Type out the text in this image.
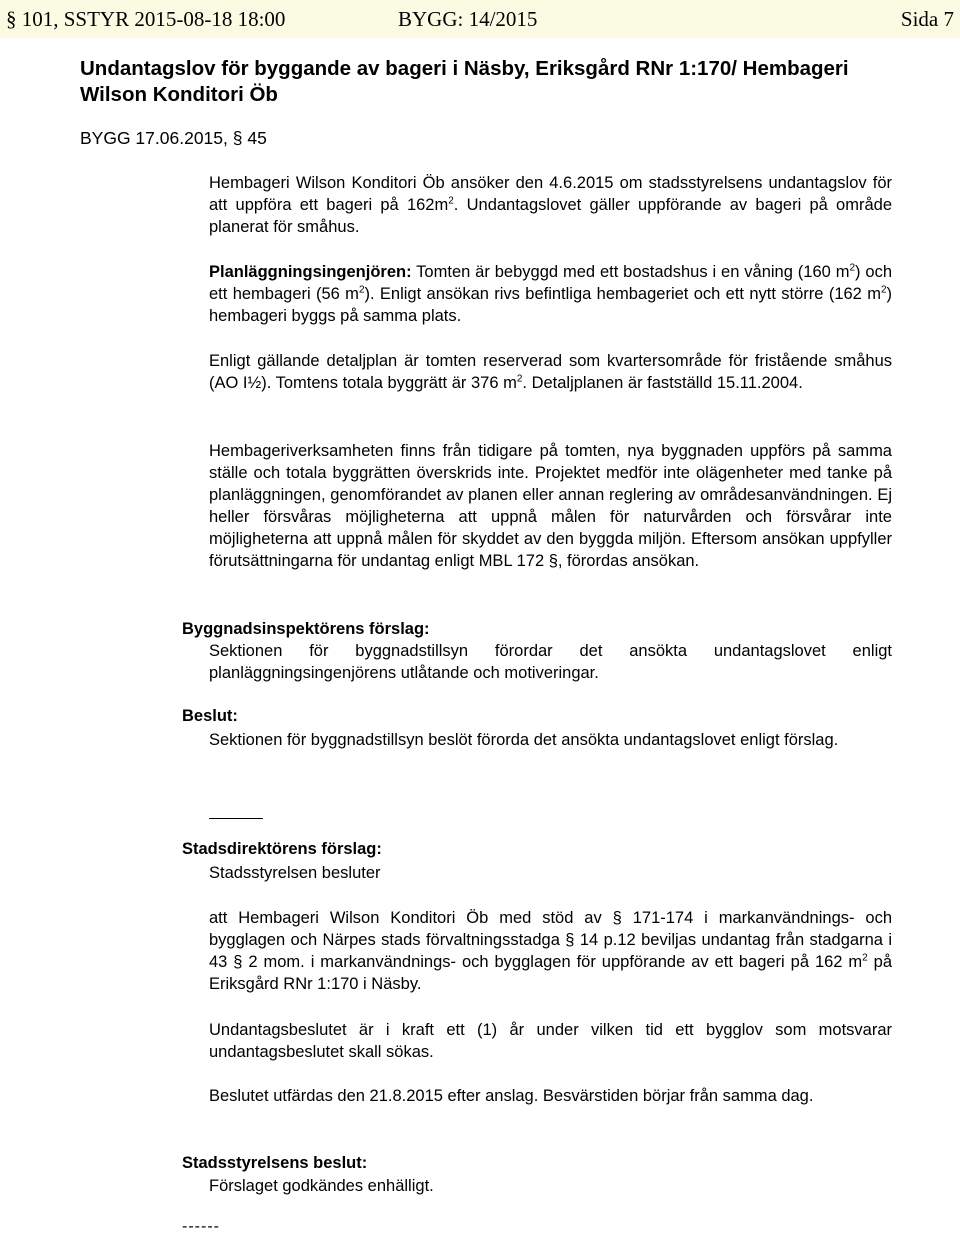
§ 101, SSTYR 2015-08-18 18:00	BYGG: 14/2015	Sida 7
Undantagslov för byggande av bageri i Näsby, Eriksgård RNr 1:170/ Hembageri Wilson Konditori Öb
BYGG 17.06.2015, § 45

Hembageri Wilson Konditori Öb ansöker den 4.6.2015 om stadsstyrelsens undantagslov för att uppföra ett bageri på $162m^2$. Undantagslovet gäller uppförande av bageri på område planerat för småhus.

Planläggningsingenjören: Tomten är bebyggd med ett bostadshus i en våning (160 $m^2$) och ett hembageri (56 $m^2$). Enligt ansökan rivs befintliga hembageriet och ett nytt större (162 $m^2$) hembageri byggs på samma plats.

Enligt gällande detaljplan är tomten reserverad som kvartersområde för fristående småhus (AO I½). Tomtens totala byggrätt är 376 $m^2$. Detaljplanen är fastställd 15.11.2004.

Hembageriverksamheten finns från tidigare på tomten, nya byggnaden uppförs på samma ställe och totala byggrätten överskrids inte. Projektet medför inte olägenheter med tanke på planläggningen, genomförandet av planen eller annan reglering av områdesanvändningen. Ej heller försvåras möjligheterna att uppnå målen för naturvården och försvårar inte möjligheterna att uppnå målen för skyddet av den byggda miljön. Eftersom ansökan uppfyller förutsättningarna för undantag enligt MBL 172 §, förordas ansökan.

Byggnadsinspektörens förslag:

Sektionen för byggnadstillsyn förordar det ansökta undantagslovet enligt planläggningsingenjörens utlåtande och motiveringar.

Beslut:

Sektionen för byggnadstillsyn beslöt förorda det ansökta undantagslovet enligt förslag.

Stadsdirektörens förslag:

Stadsstyrelsen besluter

att Hembageri Wilson Konditori Öb med stöd av § 171-174 i markanvändnings- och bygglagen och Närpes stads förvaltningsstadga § 14 p.12 beviljas undantag från stadgarna i 43 § 2 mom. i markanvändnings- och bygglagen för uppförande av ett bageri på 162 $m^2$ på Eriksgård RNr 1:170 i Näsby.

Undantagsbeslutet är i kraft ett (1) år under vilken tid ett bygglov som motsvarar undantagsbeslutet skall sökas.

Beslutet utfärdas den 21.8.2015 efter anslag. Besvärstiden börjar från samma dag.

Stadsstyrelsens beslut:

Förslaget godkändes enhälligt.

------
